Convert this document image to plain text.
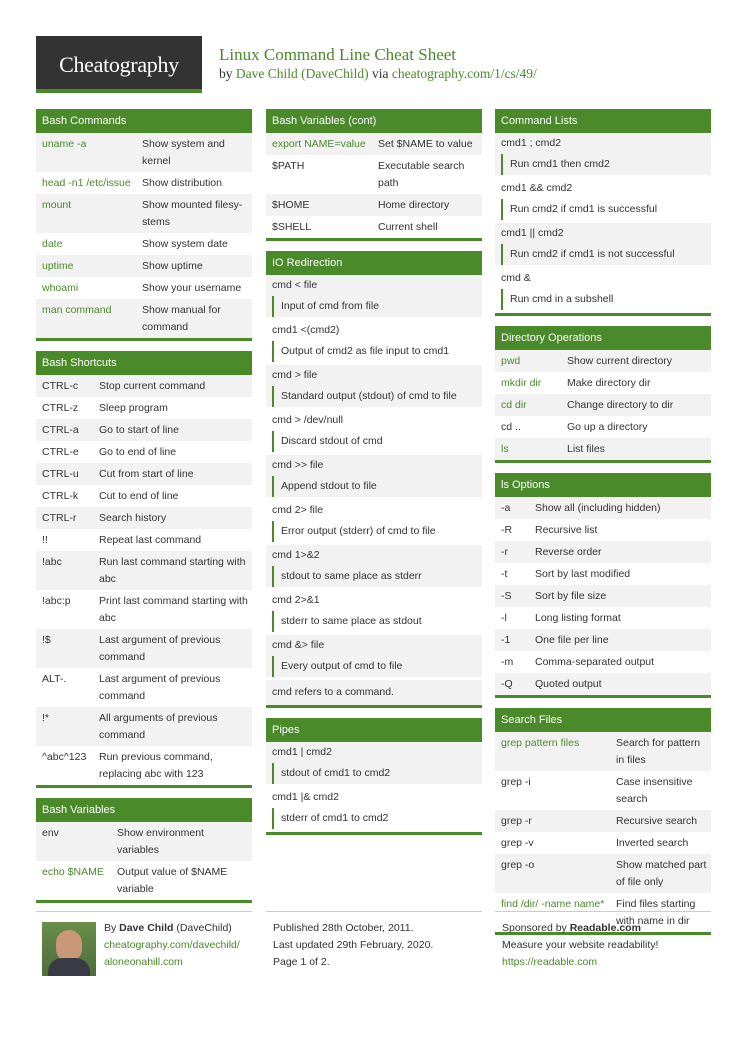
Cheatography	Linux Command Line Cheat Sheet
by Dave Child (DaveChild) via cheatography.com/1/cs/49/
Bash Commands
uname -a	Show system and kernel
head -n1 /etc/issue	Show distribution
mount	Show mounted filesystems
date	Show system date
uptime	Show uptime
whoami	Show your username
man command	Show manual for command
Bash Shortcuts
CTRL-c	Stop current command
CTRL-z	Sleep program
CTRL-a	Go to start of line
CTRL-e	Go to end of line
CTRL-u	Cut from start of line
CTRL-k	Cut to end of line
CTRL-r	Search history
!!	Repeat last command
!abc	Run last command starting with abc
!abc:p	Print last command starting with abc
!$	Last argument of previous command
ALT-.	Last argument of previous command
!*	All arguments of previous command
^abc^123	Run previous command, replacing abc with 123
Bash Variables
env	Show environment variables
echo $NAME	Output value of $NAME variable
Bash Variables (cont)
export NAME=value	Set $NAME to value
$PATH	Executable search path
$HOME	Home directory
$SHELL	Current shell
IO Redirection
cmd < file
Input of cmd from file
cmd1 <(cmd2)
Output of cmd2 as file input to cmd1
cmd > file
Standard output (stdout) of cmd to file
cmd > /dev/null
Discard stdout of cmd
cmd >> file
Append stdout to file
cmd 2> file
Error output (stderr) of cmd to file
cmd 1>&2
stdout to same place as stderr
cmd 2>&1
stderr to same place as stdout
cmd &> file
Every output of cmd to file
cmd refers to a command.
Pipes
cmd1 | cmd2
stdout of cmd1 to cmd2
cmd1 |& cmd2
stderr of cmd1 to cmd2
Command Lists
cmd1 ; cmd2
Run cmd1 then cmd2
cmd1 && cmd2
Run cmd2 if cmd1 is successful
cmd1 || cmd2
Run cmd2 if cmd1 is not successful
cmd &
Run cmd in a subshell
Directory Operations
pwd	Show current directory
mkdir dir	Make directory dir
cd dir	Change directory to dir
cd ..	Go up a directory
ls	List files
ls Options
-a	Show all (including hidden)
-R	Recursive list
-r	Reverse order
-t	Sort by last modified
-S	Sort by file size
-l	Long listing format
-1	One file per line
-m	Comma-separated output
-Q	Quoted output
Search Files
grep pattern files	Search for pattern in files
grep -i	Case insensitive search
grep -r	Recursive search
grep -v	Inverted search
grep -o	Show matched part of file only
find /dir/ -name name*	Find files starting with name in dir
By Dave Child (DaveChild)
cheatography.com/davechild/
aloneonahill.com
Published 28th October, 2011.
Last updated 29th February, 2020.
Page 1 of 2.
Sponsored by Readable.com
Measure your website readability!
https://readable.com
